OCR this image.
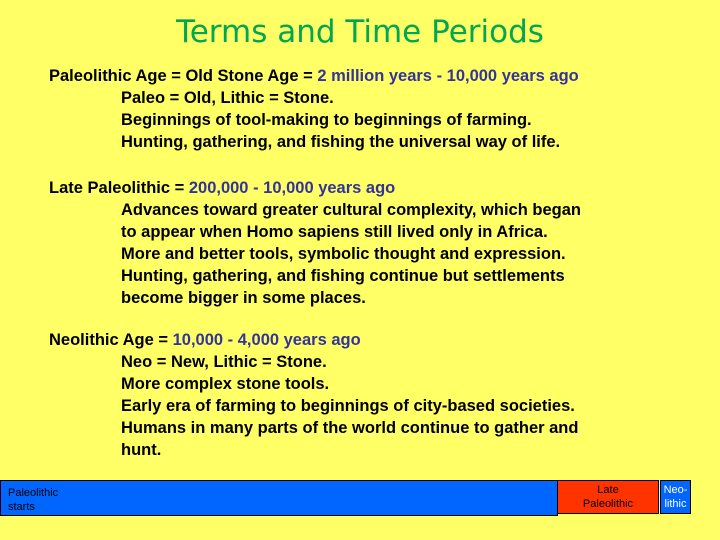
Terms and Time Periods
Paleolithic Age = Old Stone Age = 2 million years - 10,000 years ago
Paleo = Old, Lithic = Stone.
Beginnings of tool-making to beginnings of farming.
Hunting, gathering, and fishing the universal way of life.
Late Paleolithic = 200,000 - 10,000 years ago
Advances toward greater cultural complexity, which began
to appear when Homo sapiens still lived only in Africa.
More and better tools, symbolic thought and expression.
Hunting, gathering, and fishing continue but settlements
become bigger in some places.
Neolithic Age = 10,000 - 4,000 years ago
Neo = New, Lithic = Stone.
More complex stone tools.
Early era of farming to beginnings of city-based societies.
Humans in many parts of the world continue to gather and
hunt.
Paleolithic
starts
Late
Paleolithic
Neo-
lithic
